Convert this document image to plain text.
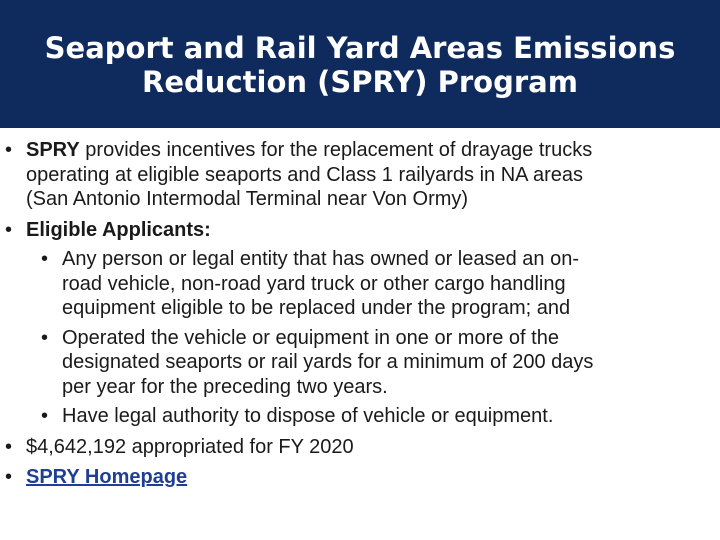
Seaport and Rail Yard Areas Emissions
Reduction (SPRY) Program
• SPRY provides incentives for the replacement of drayage trucks
operating at eligible seaports and Class 1 railyards in NA areas
(San Antonio Intermodal Terminal near Von Ormy)
• Eligible Applicants:
• Any person or legal entity that has owned or leased an on-
road vehicle, non-road yard truck or other cargo handling
equipment eligible to be replaced under the program; and
• Operated the vehicle or equipment in one or more of the
designated seaports or rail yards for a minimum of 200 days
per year for the preceding two years.
• Have legal authority to dispose of vehicle or equipment.
• $4,642,192 appropriated for FY 2020
• SPRY Homepage
